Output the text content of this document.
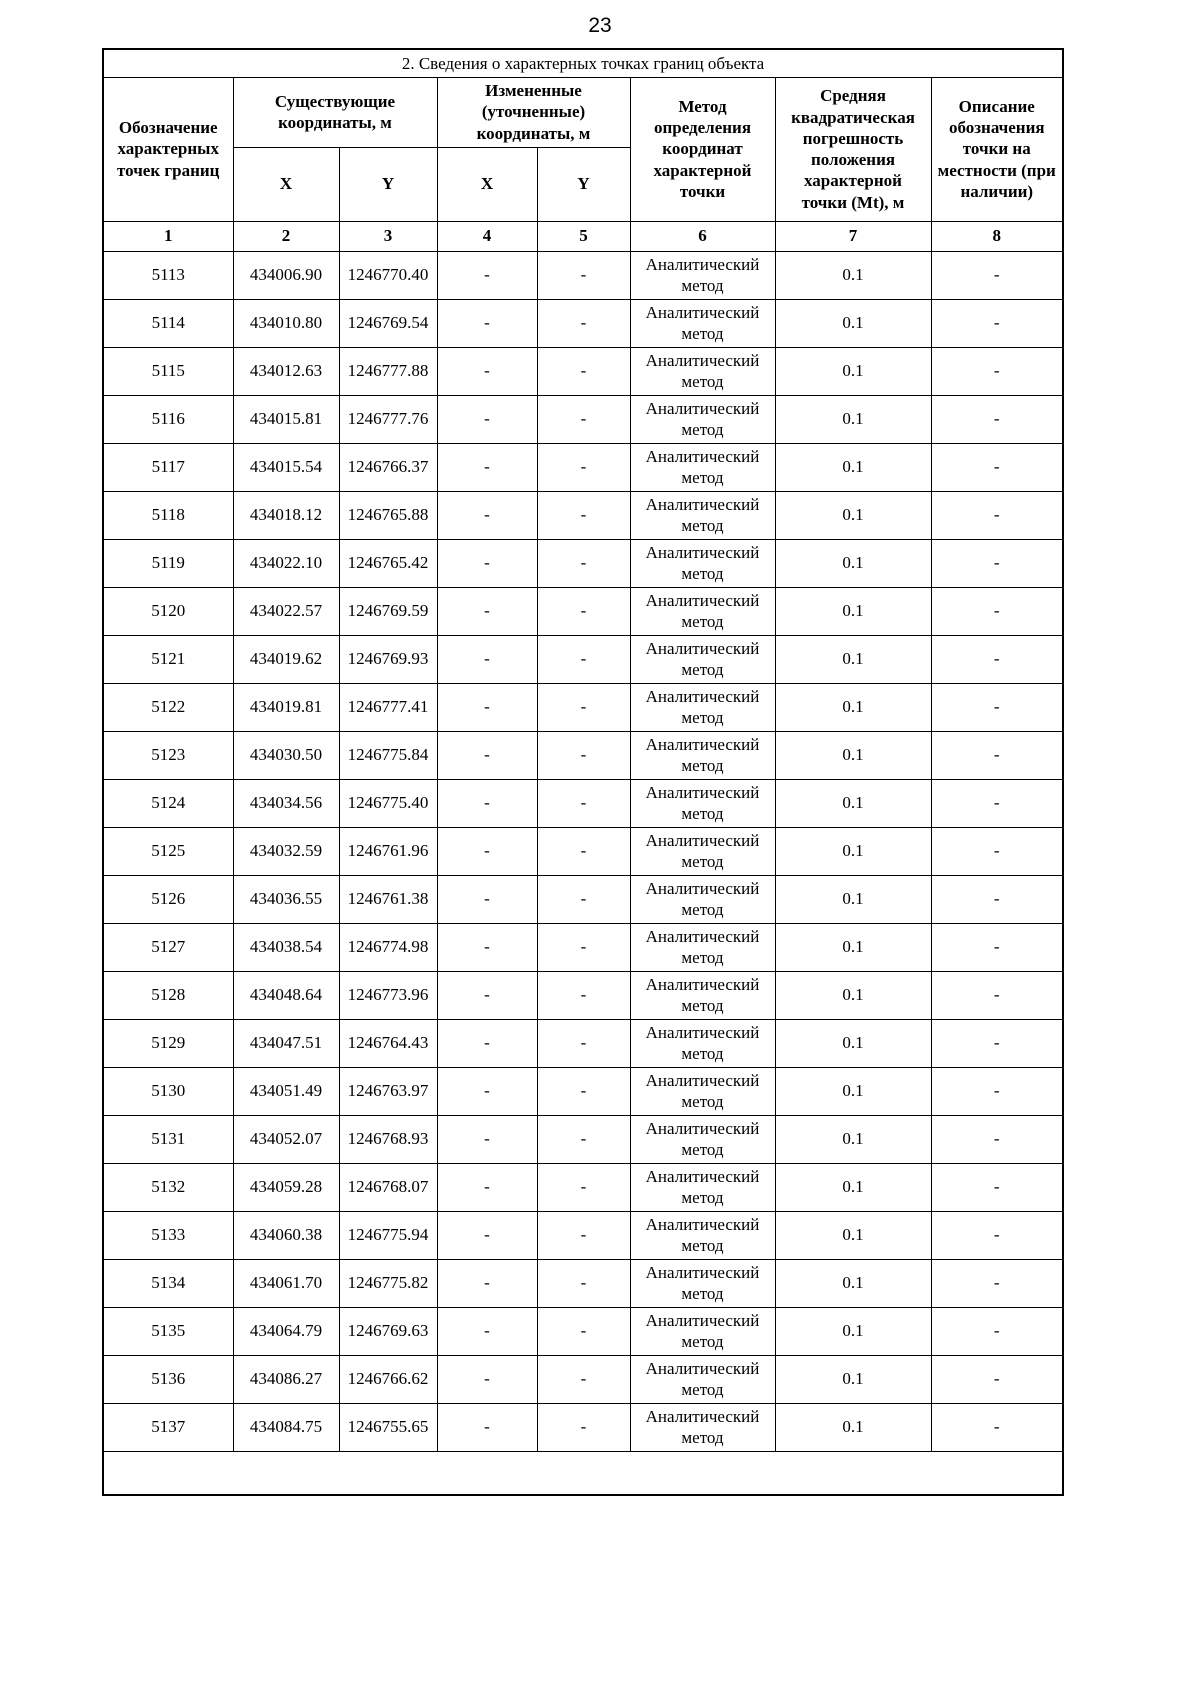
23
2. Сведения о характерных точках границ объекта							
Обозначение характерных точек границ	Существующие координаты, м		Измененные (уточненные) координаты, м		Метод определения координат характерной точки	Средняя квадратическая погрешность положения характерной точки (Mt), м	Описание обозначения точки на местности (при наличии)
	X	Y	X	Y			
1	2	3	4	5	6	7	8
5113	434006.90	1246770.40	-	-	Аналитический метод	0.1	-
5114	434010.80	1246769.54	-	-	Аналитический метод	0.1	-
5115	434012.63	1246777.88	-	-	Аналитический метод	0.1	-
5116	434015.81	1246777.76	-	-	Аналитический метод	0.1	-
5117	434015.54	1246766.37	-	-	Аналитический метод	0.1	-
5118	434018.12	1246765.88	-	-	Аналитический метод	0.1	-
5119	434022.10	1246765.42	-	-	Аналитический метод	0.1	-
5120	434022.57	1246769.59	-	-	Аналитический метод	0.1	-
5121	434019.62	1246769.93	-	-	Аналитический метод	0.1	-
5122	434019.81	1246777.41	-	-	Аналитический метод	0.1	-
5123	434030.50	1246775.84	-	-	Аналитический метод	0.1	-
5124	434034.56	1246775.40	-	-	Аналитический метод	0.1	-
5125	434032.59	1246761.96	-	-	Аналитический метод	0.1	-
5126	434036.55	1246761.38	-	-	Аналитический метод	0.1	-
5127	434038.54	1246774.98	-	-	Аналитический метод	0.1	-
5128	434048.64	1246773.96	-	-	Аналитический метод	0.1	-
5129	434047.51	1246764.43	-	-	Аналитический метод	0.1	-
5130	434051.49	1246763.97	-	-	Аналитический метод	0.1	-
5131	434052.07	1246768.93	-	-	Аналитический метод	0.1	-
5132	434059.28	1246768.07	-	-	Аналитический метод	0.1	-
5133	434060.38	1246775.94	-	-	Аналитический метод	0.1	-
5134	434061.70	1246775.82	-	-	Аналитический метод	0.1	-
5135	434064.79	1246769.63	-	-	Аналитический метод	0.1	-
5136	434086.27	1246766.62	-	-	Аналитический метод	0.1	-
5137	434084.75	1246755.65	-	-	Аналитический метод	0.1	-
